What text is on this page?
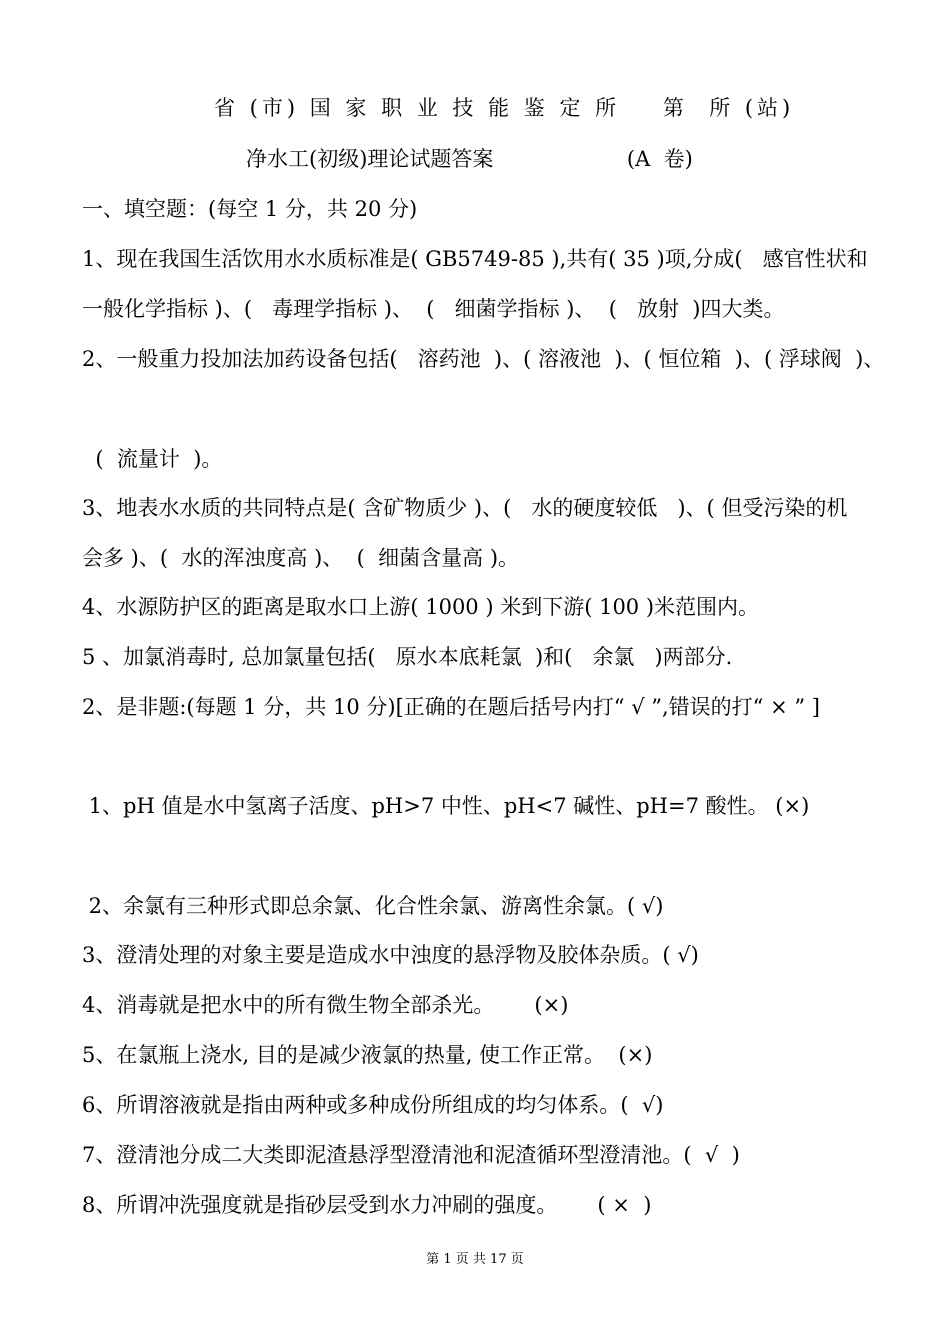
省 (市) 国 家 职 业 技 能 鉴 定 所    第  所 (站)
净水工(初级)理论试题答案                    (A  卷)
一、填空题：(每空 1 分，共 20 分)
1、现在我国生活饮用水水质标准是( GB5749-85 ),共有( 35 )项,分成(   感官性状和
一般化学指标 )、(   毒理学指标 )、  (   细菌学指标 )、  (   放射  )四大类。
2、一般重力投加法加药设备包括(   溶药池  )、( 溶液池  )、( 恒位箱  )、( 浮球阀  )、
(  流量计  )。
3、地表水水质的共同特点是( 含矿物质少 )、(   水的硬度较低   )、( 但受污染的机
会多 )、(  水的浑浊度高 )、  (  细菌含量高 )。
4、水源防护区的距离是取水口上游( 1000 ) 米到下游( 100 )米范围内。
5 、加氯消毒时, 总加氯量包括(   原水本底耗氯  )和(   余氯   )两部分.
2、是非题:(每题 1 分，共 10 分)[正确的在题后括号内打“ √ ”,错误的打“ × ” ]
1、pH 值是水中氢离子活度、pH>7 中性、pH<7 碱性、pH=7 酸性。 (×)
2、余氯有三种形式即总余氯、化合性余氯、游离性余氯。( √)
3、澄清处理的对象主要是造成水中浊度的悬浮物及胶体杂质。( √)
4、消毒就是把水中的所有微生物全部杀光。      (×)
5、在氯瓶上浇水, 目的是减少液氯的热量, 使工作正常。  (×)
6、所谓溶液就是指由两种或多种成份所组成的均匀体系。(  √)
7、澄清池分成二大类即泥渣悬浮型澄清池和泥渣循环型澄清池。(  √  )
8、所谓冲洗强度就是指砂层受到水力冲刷的强度。      ( ×  )
第 1 页 共 17 页
